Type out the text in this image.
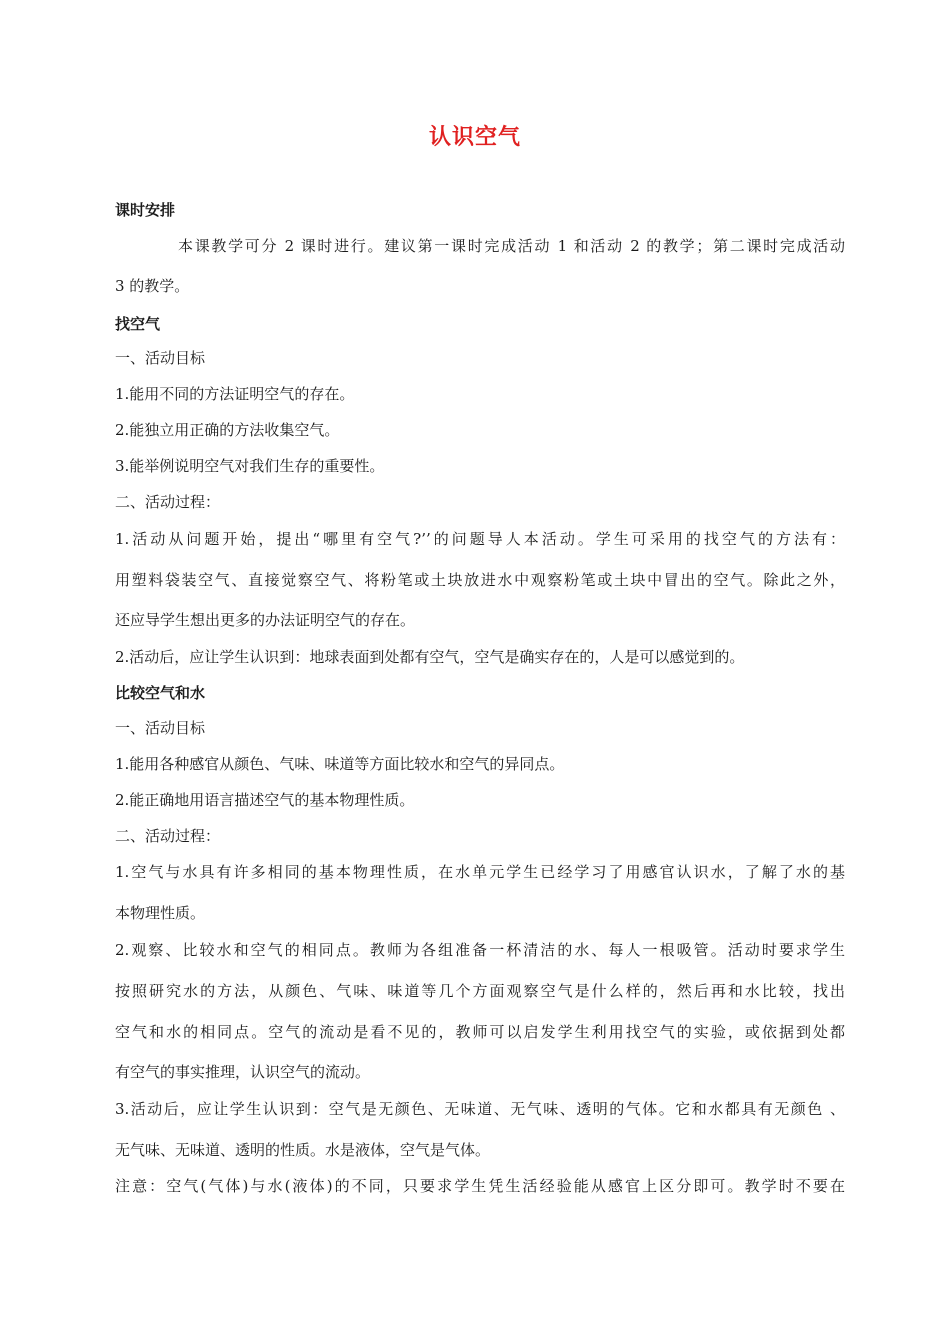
认识空气
课时安排
本课教学可分 2 课时进行。建议第一课时完成活动 1 和活动 2 的教学；第二课时完成活动
3 的教学。
找空气
一、活动目标
1.能用不同的方法证明空气的存在。
2.能独立用正确的方法收集空气。
3.能举例说明空气对我们生存的重要性。
二、活动过程：
1.活动从问题开始，提出“哪里有空气?’’的问题导人本活动。学生可采用的找空气的方法有：
用塑料袋装空气、直接觉察空气、将粉笔或土块放进水中观察粉笔或土块中冒出的空气。除此之外，
还应导学生想出更多的办法证明空气的存在。
2.活动后，应让学生认识到：地球表面到处都有空气，空气是确实存在的，人是可以感觉到的。
比较空气和水
一、活动目标
1.能用各种感官从颜色、气味、味道等方面比较水和空气的异同点。
2.能正确地用语言描述空气的基本物理性质。
二、活动过程：
1.空气与水具有许多相同的基本物理性质，在水单元学生已经学习了用感官认识水，了解了水的基
本物理性质。
2.观察、比较水和空气的相同点。教师为各组准备一杯清洁的水、每人一根吸管。活动时要求学生
按照研究水的方法，从颜色、气味、味道等几个方面观察空气是什么样的，然后再和水比较，找出
空气和水的相同点。空气的流动是看不见的，教师可以启发学生利用找空气的实验，或依据到处都
有空气的事实推理，认识空气的流动。
3.活动后，应让学生认识到：空气是无颜色、无味道、无气味、透明的气体。它和水都具有无颜色 、
无气味、无味道、透明的性质。水是液体，空气是气体。
注意：空气(气体)与水(液体)的不同，只要求学生凭生活经验能从感官上区分即可。教学时不要在
